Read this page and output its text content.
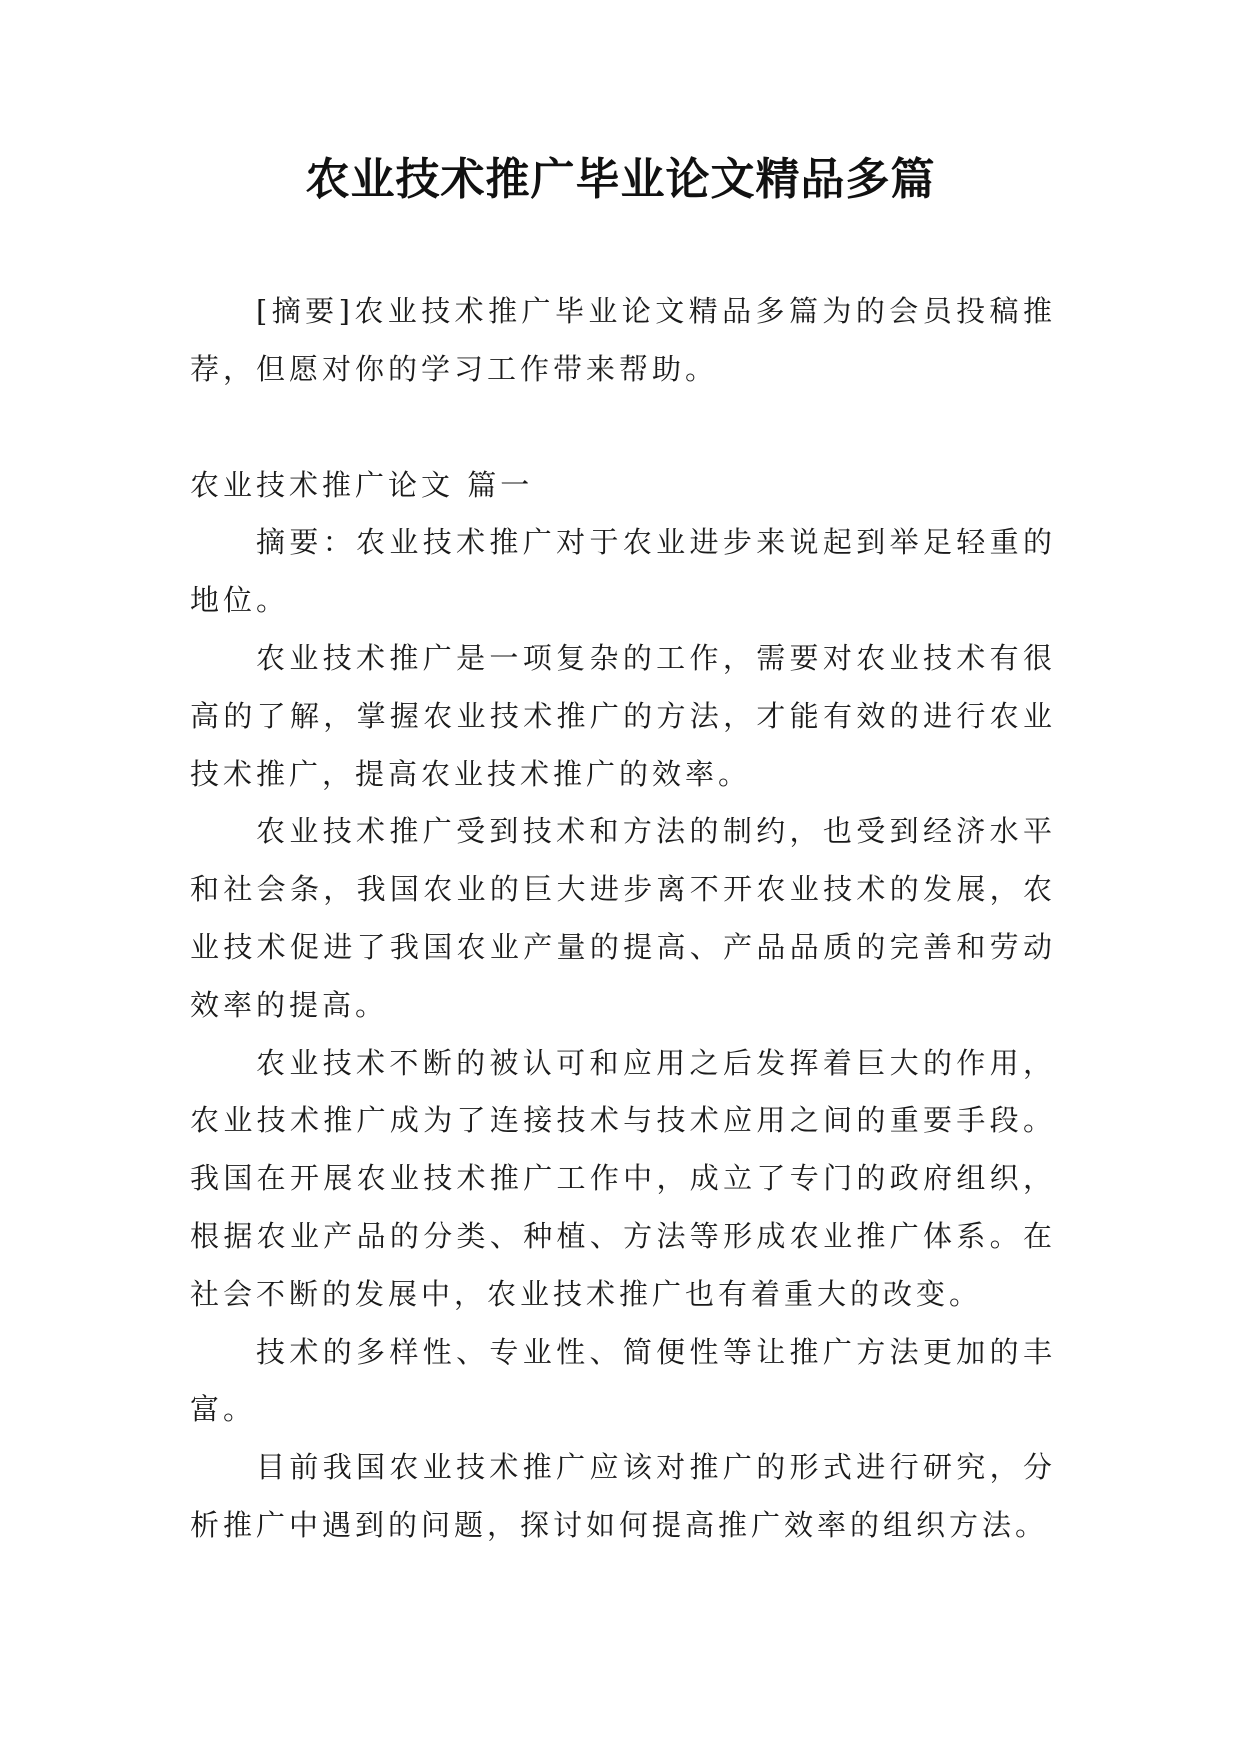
农业技术推广毕业论文精品多篇

[摘要]农业技术推广毕业论文精品多篇为的会员投稿推荐，但愿对你的学习工作带来帮助。

农业技术推广论文 篇一

摘要：农业技术推广对于农业进步来说起到举足轻重的地位。

农业技术推广是一项复杂的工作，需要对农业技术有很高的了解，掌握农业技术推广的方法，才能有效的进行农业技术推广，提高农业技术推广的效率。

农业技术推广受到技术和方法的制约，也受到经济水平和社会条，我国农业的巨大进步离不开农业技术的发展，农业技术促进了我国农业产量的提高、产品品质的完善和劳动效率的提高。

农业技术不断的被认可和应用之后发挥着巨大的作用，农业技术推广成为了连接技术与技术应用之间的重要手段。我国在开展农业技术推广工作中，成立了专门的政府组织，根据农业产品的分类、种植、方法等形成农业推广体系。在社会不断的发展中，农业技术推广也有着重大的改变。

技术的多样性、专业性、简便性等让推广方法更加的丰富。

目前我国农业技术推广应该对推广的形式进行研究，分析推广中遇到的问题，探讨如何提高推广效率的组织方法。
